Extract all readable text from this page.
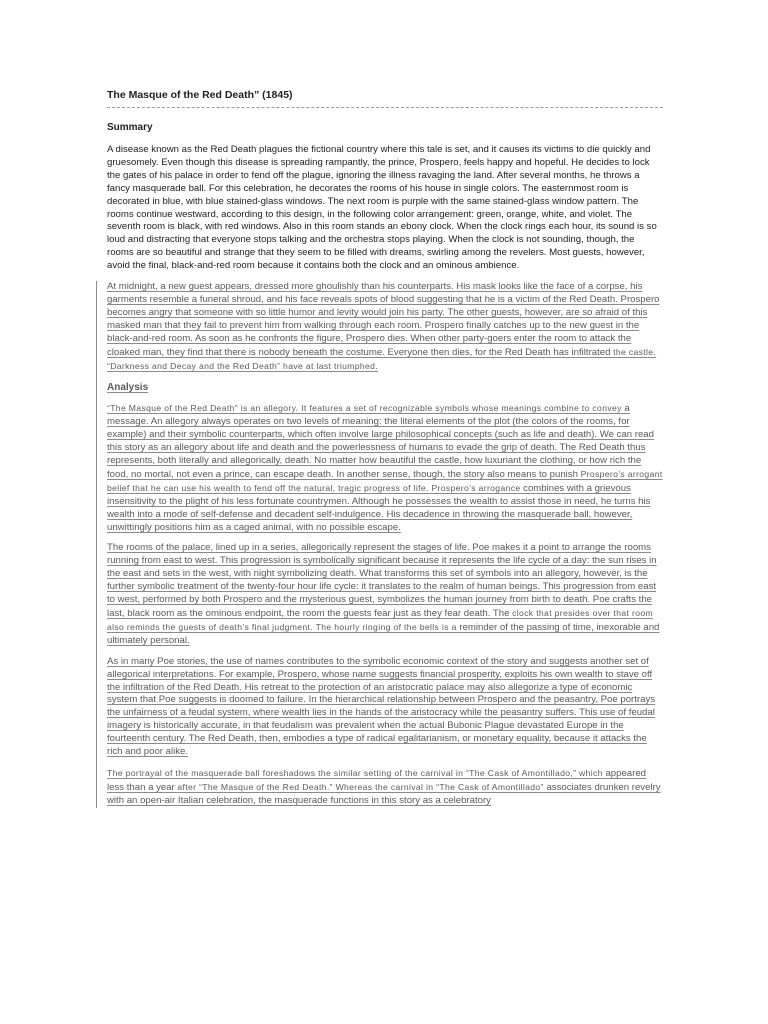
The Masque of the Red Death” (1845)
Summary

A disease known as the Red Death plagues the fictional country where this tale is set, and it causes its victims to die quickly and gruesomely. Even though this disease is spreading rampantly, the prince, Prospero, feels happy and hopeful. He decides to lock the gates of his palace in order to fend off the plague, ignoring the illness ravaging the land. After several months, he throws a fancy masquerade ball. For this celebration, he decorates the rooms of his house in single colors. The easternmost room is decorated in blue, with blue stained-glass windows. The next room is purple with the same stained-glass window pattern. The rooms continue westward, according to this design, in the following color arrangement: green, orange, white, and violet. The seventh room is black, with red windows. Also in this room stands an ebony clock. When the clock rings each hour, its sound is so loud and distracting that everyone stops talking and the orchestra stops playing. When the clock is not sounding, though, the rooms are so beautiful and strange that they seem to be filled with dreams, swirling among the revelers. Most guests, however, avoid the final, black-and-red room because it contains both the clock and an ominous ambience.

At midnight, a new guest appears, dressed more ghoulishly than his counterparts. His mask looks like the face of a corpse, his garments resemble a funeral shroud, and his face reveals spots of blood suggesting that he is a victim of the Red Death. Prospero becomes angry that someone with so little humor and levity would join his party. The other guests, however, are so afraid of this masked man that they fail to prevent him from walking through each room. Prospero finally catches up to the new guest in the black-and-red room. As soon as he confronts the figure, Prospero dies. When other party-goers enter the room to attack the cloaked man, they find that there is nobody beneath the costume. Everyone then dies, for the Red Death has infiltrated the castle. “Darkness and Decay and the Red Death” have at last triumphed.

Analysis

“The Masque of the Red Death” is an allegory. It features a set of recognizable symbols whose meanings combine to convey a message. An allegory always operates on two levels of meaning: the literal elements of the plot (the colors of the rooms, for example) and their symbolic counterparts, which often involve large philosophical concepts (such as life and death). We can read this story as an allegory about life and death and the powerlessness of humans to evade the grip of death. The Red Death thus represents, both literally and allegorically, death. No matter how beautiful the castle, how luxuriant the clothing, or how rich the food, no mortal, not even a prince, can escape death. In another sense, though, the story also means to punish Prospero’s arrogant belief that he can use his wealth to fend off the natural, tragic progress of life. Prospero’s arrogance combines with a grievous insensitivity to the plight of his less fortunate countrymen. Although he possesses the wealth to assist those in need, he turns his wealth into a mode of self-defense and decadent self-indulgence. His decadence in throwing the masquerade ball, however, unwittingly positions him as a caged animal, with no possible escape.

The rooms of the palace, lined up in a series, allegorically represent the stages of life. Poe makes it a point to arrange the rooms running from east to west. This progression is symbolically significant because it represents the life cycle of a day: the sun rises in the east and sets in the west, with night symbolizing death. What transforms this set of symbols into an allegory, however, is the further symbolic treatment of the twenty-four hour life cycle: it translates to the realm of human beings. This progression from east to west, performed by both Prospero and the mysterious guest, symbolizes the human journey from birth to death. Poe crafts the last, black room as the ominous endpoint, the room the guests fear just as they fear death. The clock that presides over that room also reminds the guests of death’s final judgment. The hourly ringing of the bells is a reminder of the passing of time, inexorable and ultimately personal.

As in many Poe stories, the use of names contributes to the symbolic economic context of the story and suggests another set of allegorical interpretations. For example, Prospero, whose name suggests financial prosperity, exploits his own wealth to stave off the infiltration of the Red Death. His retreat to the protection of an aristocratic palace may also allegorize a type of economic system that Poe suggests is doomed to failure. In the hierarchical relationship between Prospero and the peasantry, Poe portrays the unfairness of a feudal system, where wealth lies in the hands of the aristocracy while the peasantry suffers. This use of feudal imagery is historically accurate, in that feudalism was prevalent when the actual Bubonic Plague devastated Europe in the fourteenth century. The Red Death, then, embodies a type of radical egalitarianism, or monetary equality, because it attacks the rich and poor alike.

The portrayal of the masquerade ball foreshadows the similar setting of the carnival in “The Cask of Amontillado,” which appeared less than a year after “The Masque of the Red Death.” Whereas the carnival in “The Cask of Amontillado” associates drunken revelry with an open-air Italian celebration, the masquerade functions in this story as a celebratory
